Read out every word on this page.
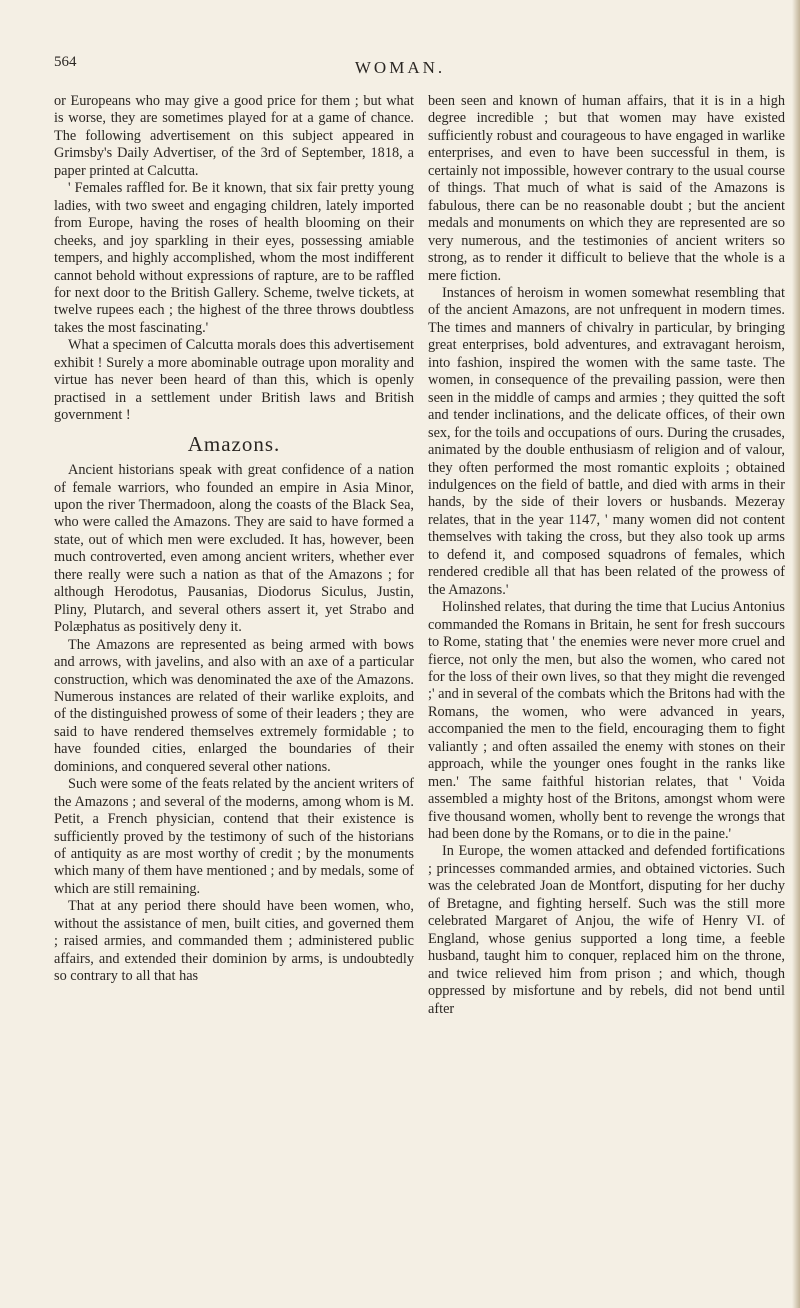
564	WOMAN.

or Europeans who may give a good price for them ; but what is worse, they are sometimes played for at a game of chance. The following advertisement on this subject appeared in Grimsby's Daily Advertiser, of the 3rd of September, 1818, a paper printed at Calcutta.

' Females raffled for. Be it known, that six fair pretty young ladies, with two sweet and engaging children, lately imported from Europe, having the roses of health blooming on their cheeks, and joy sparkling in their eyes, possessing amiable tempers, and highly accomplished, whom the most indifferent cannot behold without expressions of rapture, are to be raffled for next door to the British Gallery. Scheme, twelve tickets, at twelve rupees each ; the highest of the three throws doubtless takes the most fascinating.'

What a specimen of Calcutta morals does this advertisement exhibit ! Surely a more abominable outrage upon morality and virtue has never been heard of than this, which is openly practised in a settlement under British laws and British government !

Amazons.

Ancient historians speak with great confidence of a nation of female warriors, who founded an empire in Asia Minor, upon the river Thermadoon, along the coasts of the Black Sea, who were called the Amazons. They are said to have formed a state, out of which men were excluded. It has, however, been much controverted, even among ancient writers, whether ever there really were such a nation as that of the Amazons ; for although Herodotus, Pausanias, Diodorus Siculus, Justin, Pliny, Plutarch, and several others assert it, yet Strabo and Polæphatus as positively deny it.

The Amazons are represented as being armed with bows and arrows, with javelins, and also with an axe of a particular construction, which was denominated the axe of the Amazons. Numerous instances are related of their warlike exploits, and of the distinguished prowess of some of their leaders ; they are said to have rendered themselves extremely formidable ; to have founded cities, enlarged the boundaries of their dominions, and conquered several other nations.

Such were some of the feats related by the ancient writers of the Amazons ; and several of the moderns, among whom is M. Petit, a French physician, contend that their existence is sufficiently proved by the testimony of such of the historians of antiquity as are most worthy of credit ; by the monuments which many of them have mentioned ; and by medals, some of which are still remaining.

That at any period there should have been women, who, without the assistance of men, built cities, and governed them ; raised armies, and commanded them ; administered public affairs, and extended their dominion by arms, is undoubtedly so contrary to all that has

been seen and known of human affairs, that it is in a high degree incredible ; but that women may have existed sufficiently robust and courageous to have engaged in warlike enterprises, and even to have been successful in them, is certainly not impossible, however contrary to the usual course of things. That much of what is said of the Amazons is fabulous, there can be no reasonable doubt ; but the ancient medals and monuments on which they are represented are so very numerous, and the testimonies of ancient writers so strong, as to render it difficult to believe that the whole is a mere fiction.

Instances of heroism in women somewhat resembling that of the ancient Amazons, are not unfrequent in modern times. The times and manners of chivalry in particular, by bringing great enterprises, bold adventures, and extravagant heroism, into fashion, inspired the women with the same taste. The women, in consequence of the prevailing passion, were then seen in the middle of camps and armies ; they quitted the soft and tender inclinations, and the delicate offices, of their own sex, for the toils and occupations of ours. During the crusades, animated by the double enthusiasm of religion and of valour, they often performed the most romantic exploits ; obtained indulgences on the field of battle, and died with arms in their hands, by the side of their lovers or husbands. Mezeray relates, that in the year 1147, ' many women did not content themselves with taking the cross, but they also took up arms to defend it, and composed squadrons of females, which rendered credible all that has been related of the prowess of the Amazons.'

Holinshed relates, that during the time that Lucius Antonius commanded the Romans in Britain, he sent for fresh succours to Rome, stating that ' the enemies were never more cruel and fierce, not only the men, but also the women, who cared not for the loss of their own lives, so that they might die revenged ;' and in several of the combats which the Britons had with the Romans, the women, who were advanced in years, accompanied the men to the field, encouraging them to fight valiantly ; and often assailed the enemy with stones on their approach, while the younger ones fought in the ranks like men.' The same faithful historian relates, that ' Voida assembled a mighty host of the Britons, amongst whom were five thousand women, wholly bent to revenge the wrongs that had been done by the Romans, or to die in the paine.'

In Europe, the women attacked and defended fortifications ; princesses commanded armies, and obtained victories. Such was the celebrated Joan de Montfort, disputing for her duchy of Bretagne, and fighting herself. Such was the still more celebrated Margaret of Anjou, the wife of Henry VI. of England, whose genius supported a long time, a feeble husband, taught him to conquer, replaced him on the throne, and twice relieved him from prison ; and which, though oppressed by misfortune and by rebels, did not bend until after
